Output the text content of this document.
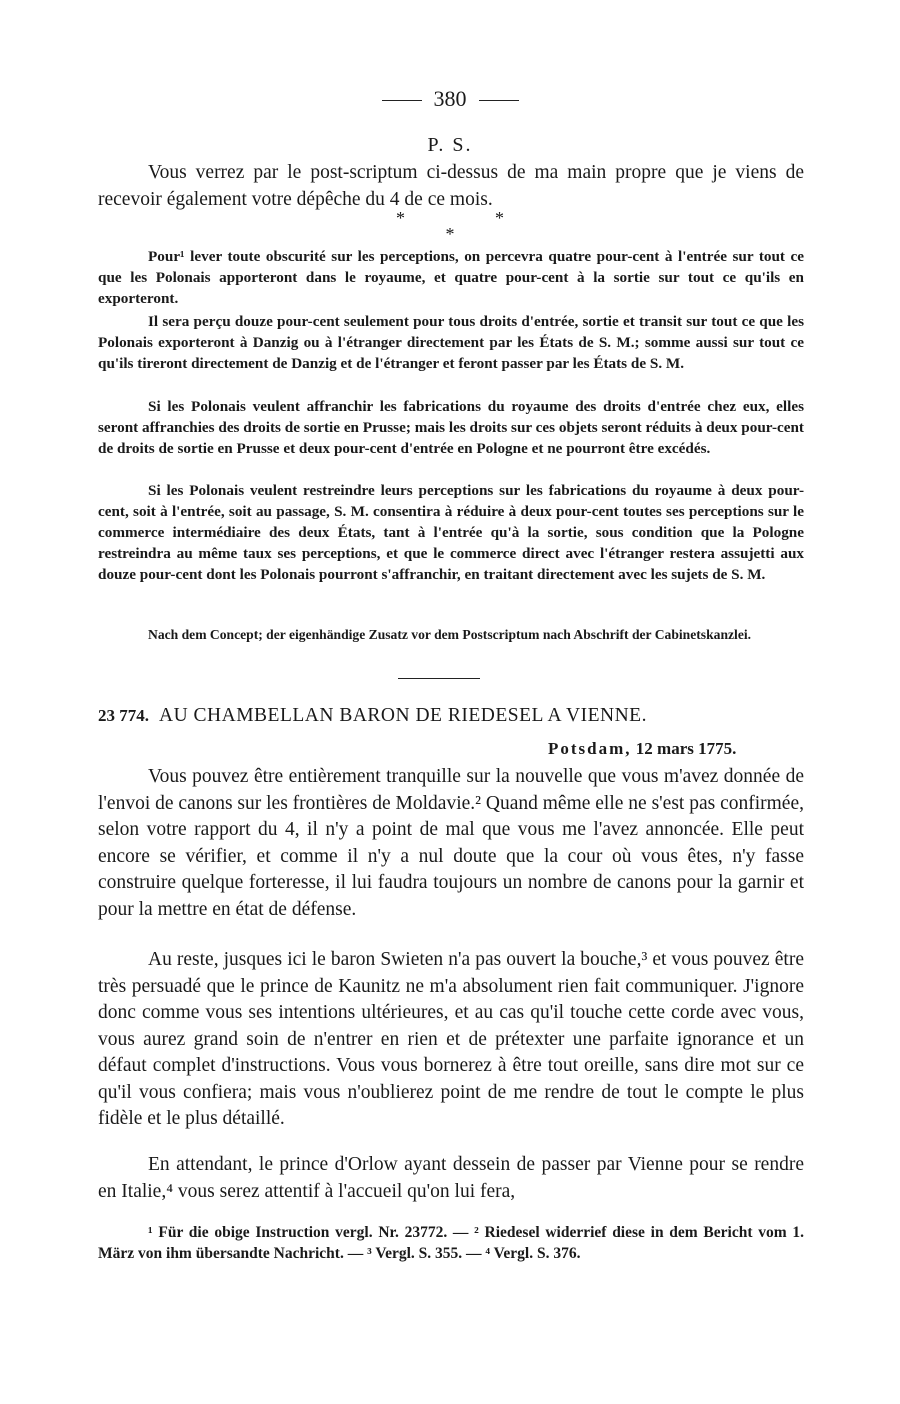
380
P. S.

Vous verrez par le post-scriptum ci-dessus de ma main propre que je viens de recevoir également votre dépêche du 4 de ce mois.

*     *
*

Pour¹ lever toute obscurité sur les perceptions, on percevra quatre pour-cent à l'entrée sur tout ce que les Polonais apporteront dans le royaume, et quatre pour-cent à la sortie sur tout ce qu'ils en exporteront.

Il sera perçu douze pour-cent seulement pour tous droits d'entrée, sortie et transit sur tout ce que les Polonais exporteront à Danzig ou à l'étranger directement par les États de S. M.; somme aussi sur tout ce qu'ils tireront directement de Danzig et de l'étranger et feront passer par les États de S. M.

Si les Polonais veulent affranchir les fabrications du royaume des droits d'entrée chez eux, elles seront affranchies des droits de sortie en Prusse; mais les droits sur ces objets seront réduits à deux pour-cent de droits de sortie en Prusse et deux pour-cent d'entrée en Pologne et ne pourront être excédés.

Si les Polonais veulent restreindre leurs perceptions sur les fabrications du royaume à deux pour-cent, soit à l'entrée, soit au passage, S. M. consentira à réduire à deux pour-cent toutes ses perceptions sur le commerce intermédiaire des deux États, tant à l'entrée qu'à la sortie, sous condition que la Pologne restreindra au même taux ses perceptions, et que le commerce direct avec l'étranger restera assujetti aux douze pour-cent dont les Polonais pourront s'affranchir, en traitant directement avec les sujets de S. M.

Nach dem Concept; der eigenhändige Zusatz vor dem Postscriptum nach Abschrift der Cabinetskanzlei.

23 774. AU CHAMBELLAN BARON DE RIEDESEL A VIENNE.
Potsdam, 12 mars 1775.

Vous pouvez être entièrement tranquille sur la nouvelle que vous m'avez donnée de l'envoi de canons sur les frontières de Moldavie.² Quand même elle ne s'est pas confirmée, selon votre rapport du 4, il n'y a point de mal que vous me l'avez annoncée. Elle peut encore se vérifier, et comme il n'y a nul doute que la cour où vous êtes, n'y fasse construire quelque forteresse, il lui faudra toujours un nombre de canons pour la garnir et pour la mettre en état de défense.

Au reste, jusques ici le baron Swieten n'a pas ouvert la bouche,³ et vous pouvez être très persuadé que le prince de Kaunitz ne m'a absolument rien fait communiquer. J'ignore donc comme vous ses intentions ultérieures, et au cas qu'il touche cette corde avec vous, vous aurez grand soin de n'entrer en rien et de prétexter une parfaite ignorance et un défaut complet d'instructions. Vous vous bornerez à être tout oreille, sans dire mot sur ce qu'il vous confiera; mais vous n'oublierez point de me rendre de tout le compte le plus fidèle et le plus détaillé.

En attendant, le prince d'Orlow ayant dessein de passer par Vienne pour se rendre en Italie,⁴ vous serez attentif à l'accueil qu'on lui fera,

¹ Für die obige Instruction vergl. Nr. 23772. — ² Riedesel widerrief diese in dem Bericht vom 1. März von ihm übersandte Nachricht. — ³ Vergl. S. 355. — ⁴ Vergl. S. 376.
